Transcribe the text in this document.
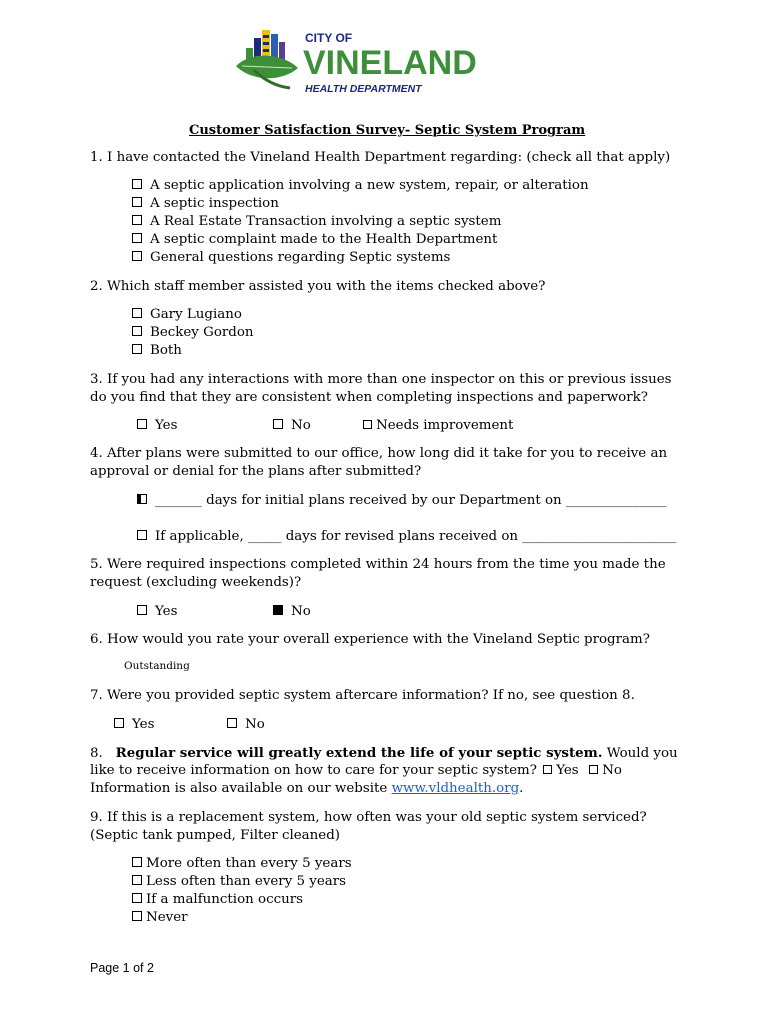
CITY OF
VINELAND
HEALTH DEPARTMENT
Customer Satisfaction Survey- Septic System Program
1. I have contacted the Vineland Health Department regarding: (check all that apply)
A septic application involving a new system, repair, or alteration
A septic inspection
A Real Estate Transaction involving a septic system
A septic complaint made to the Health Department
General questions regarding Septic systems
2. Which staff member assisted you with the items checked above?
Gary Lugiano
Beckey Gordon
Both
3. If you had any interactions with more than one inspector on this or previous issues
do you find that they are consistent when completing inspections and paperwork?
Yes	No	Needs improvement
4. After plans were submitted to our office, how long did it take for you to receive an
approval or denial for the plans after submitted?
_______ days for initial plans received by our Department on _______________
If applicable, _____ days for revised plans received on _______________________
5. Were required inspections completed within 24 hours from the time you made the
request (excluding weekends)?
Yes	No
6. How would you rate your overall experience with the Vineland Septic program?
Outstanding
7. Were you provided septic system aftercare information? If no, see question 8.
Yes	No
8. Regular service will greatly extend the life of your septic system. Would you
like to receive information on how to care for your septic system? Yes No
Information is also available on our website www.vldhealth.org.
9. If this is a replacement system, how often was your old septic system serviced?
(Septic tank pumped, Filter cleaned)
More often than every 5 years
Less often than every 5 years
If a malfunction occurs
Never
Page 1 of 2
